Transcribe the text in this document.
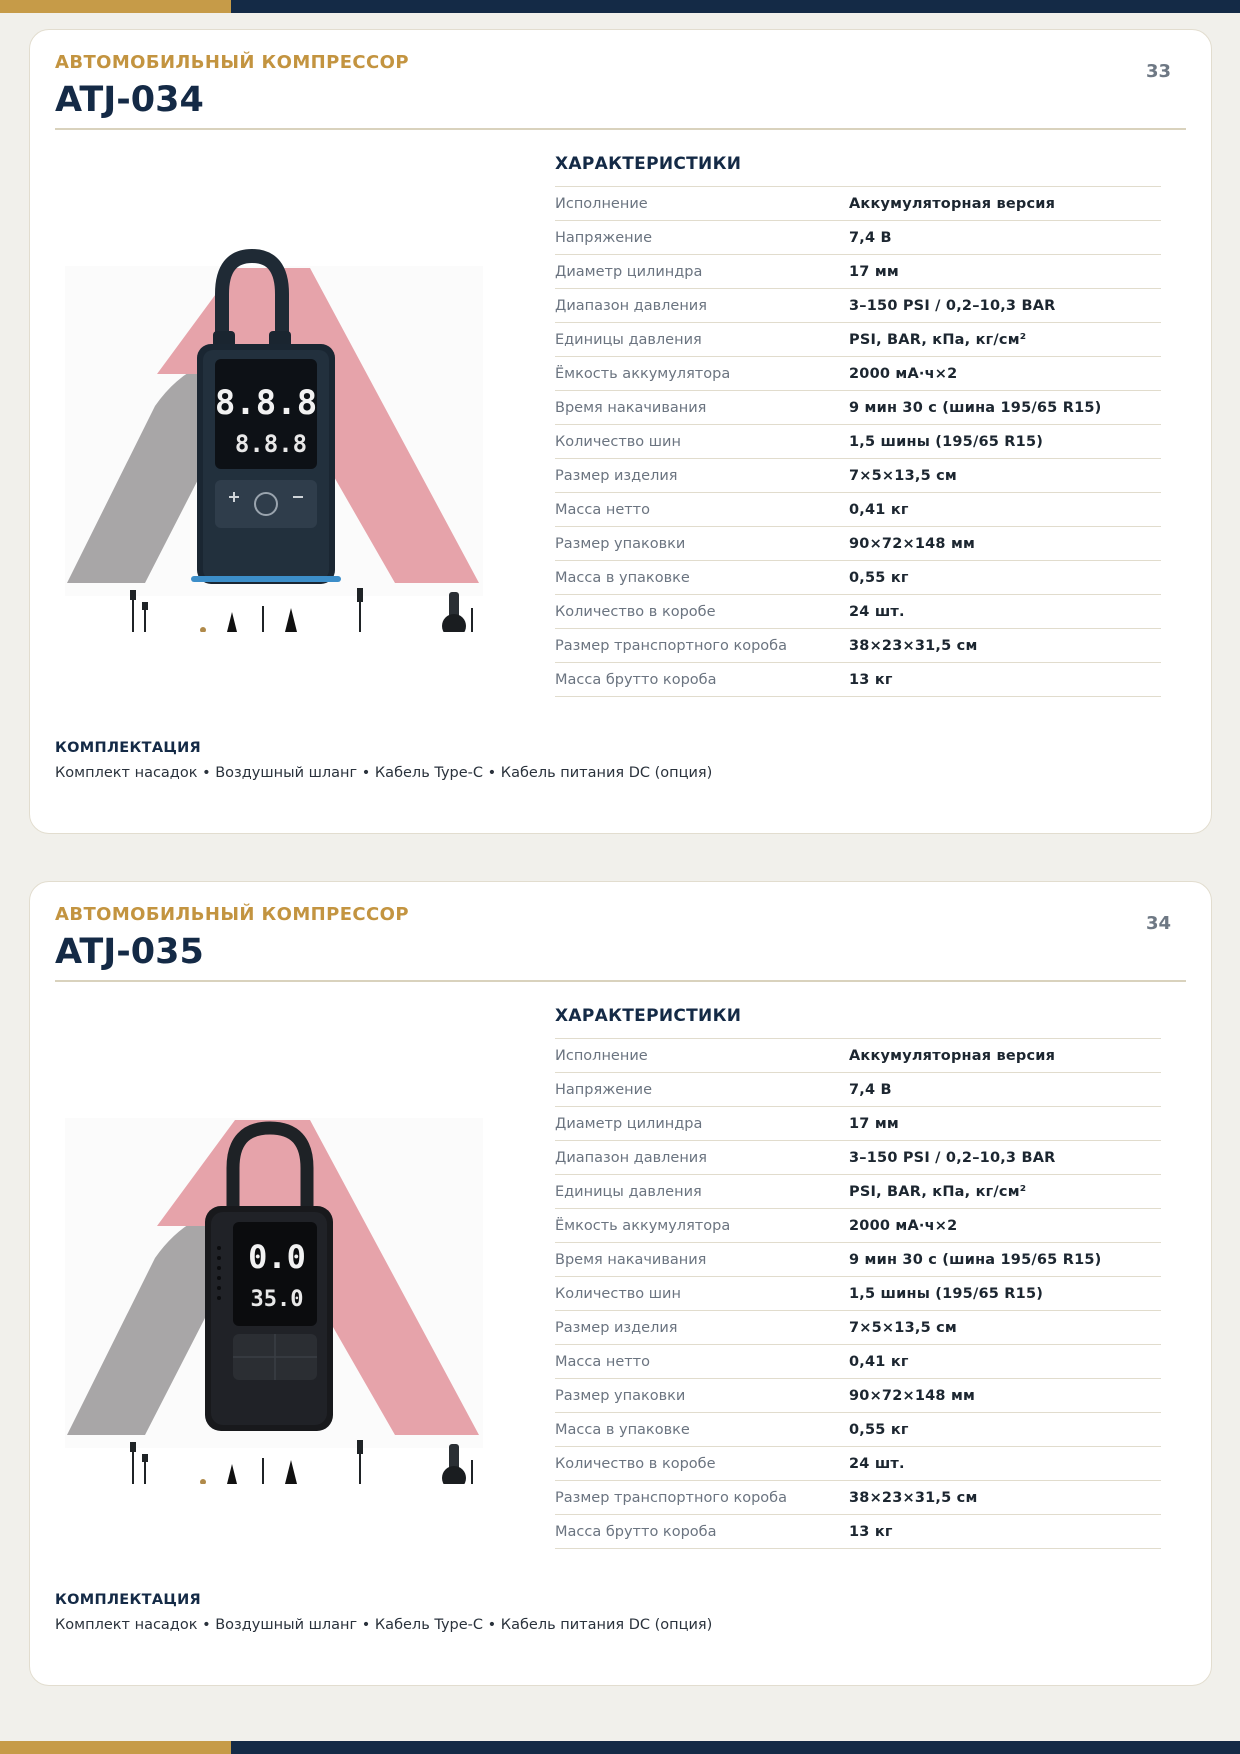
АВТОМОБИЛЬНЫЙ КОМПРЕССОР
ATJ-034
33
8.8.8
8.8.8
ХАРАКТЕРИСТИКИ
Исполнение	Аккумуляторная версия
Напряжение	7,4 В
Диаметр цилиндра	17 мм
Диапазон давления	3–150 PSI / 0,2–10,3 BAR
Единицы давления	PSI, BAR, кПа, кг/см²
Ёмкость аккумулятора	2000 мА·ч×2
Время накачивания	9 мин 30 с (шина 195/65 R15)
Количество шин	1,5 шины (195/65 R15)
Размер изделия	7×5×13,5 см
Масса нетто	0,41 кг
Размер упаковки	90×72×148 мм
Масса в упаковке	0,55 кг
Количество в коробе	24 шт.
Размер транспортного короба	38×23×31,5 см
Масса брутто короба	13 кг
КОМПЛЕКТАЦИЯ
Комплект насадок • Воздушный шланг • Кабель Type-C • Кабель питания DC (опция)
АВТОМОБИЛЬНЫЙ КОМПРЕССОР
ATJ-035
34
0.0
35.0
ХАРАКТЕРИСТИКИ
Исполнение	Аккумуляторная версия
Напряжение	7,4 В
Диаметр цилиндра	17 мм
Диапазон давления	3–150 PSI / 0,2–10,3 BAR
Единицы давления	PSI, BAR, кПа, кг/см²
Ёмкость аккумулятора	2000 мА·ч×2
Время накачивания	9 мин 30 с (шина 195/65 R15)
Количество шин	1,5 шины (195/65 R15)
Размер изделия	7×5×13,5 см
Масса нетто	0,41 кг
Размер упаковки	90×72×148 мм
Масса в упаковке	0,55 кг
Количество в коробе	24 шт.
Размер транспортного короба	38×23×31,5 см
Масса брутто короба	13 кг
КОМПЛЕКТАЦИЯ
Комплект насадок • Воздушный шланг • Кабель Type-C • Кабель питания DC (опция)
